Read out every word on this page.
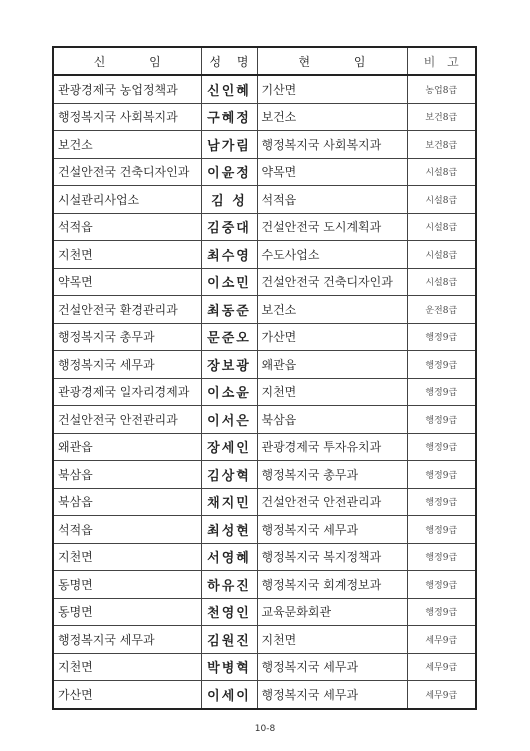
신 임	성 명	현 임	비 고
관광경제국 농업정책과	신인혜	기산면	농업8급
행정복지국 사회복지과	구혜정	보건소	보건8급
보건소	남가림	행정복지국 사회복지과	보건8급
건설안전국 건축디자인과	이윤정	약목면	시설8급
시설관리사업소	김 성	석적읍	시설8급
석적읍	김중대	건설안전국 도시계획과	시설8급
지천면	최수영	수도사업소	시설8급
약목면	이소민	건설안전국 건축디자인과	시설8급
건설안전국 환경관리과	최동준	보건소	운전8급
행정복지국 총무과	문준오	가산면	행정9급
행정복지국 세무과	장보광	왜관읍	행정9급
관광경제국 일자리경제과	이소윤	지천면	행정9급
건설안전국 안전관리과	이서은	북삼읍	행정9급
왜관읍	장세인	관광경제국 투자유치과	행정9급
북삼읍	김상혁	행정복지국 총무과	행정9급
북삼읍	채지민	건설안전국 안전관리과	행정9급
석적읍	최성현	행정복지국 세무과	행정9급
지천면	서영혜	행정복지국 복지정책과	행정9급
동명면	하유진	행정복지국 회계정보과	행정9급
동명면	천영인	교육문화회관	행정9급
행정복지국 세무과	김원진	지천면	세무9급
지천면	박병혁	행정복지국 세무과	세무9급
가산면	이세이	행정복지국 세무과	세무9급
10-8
